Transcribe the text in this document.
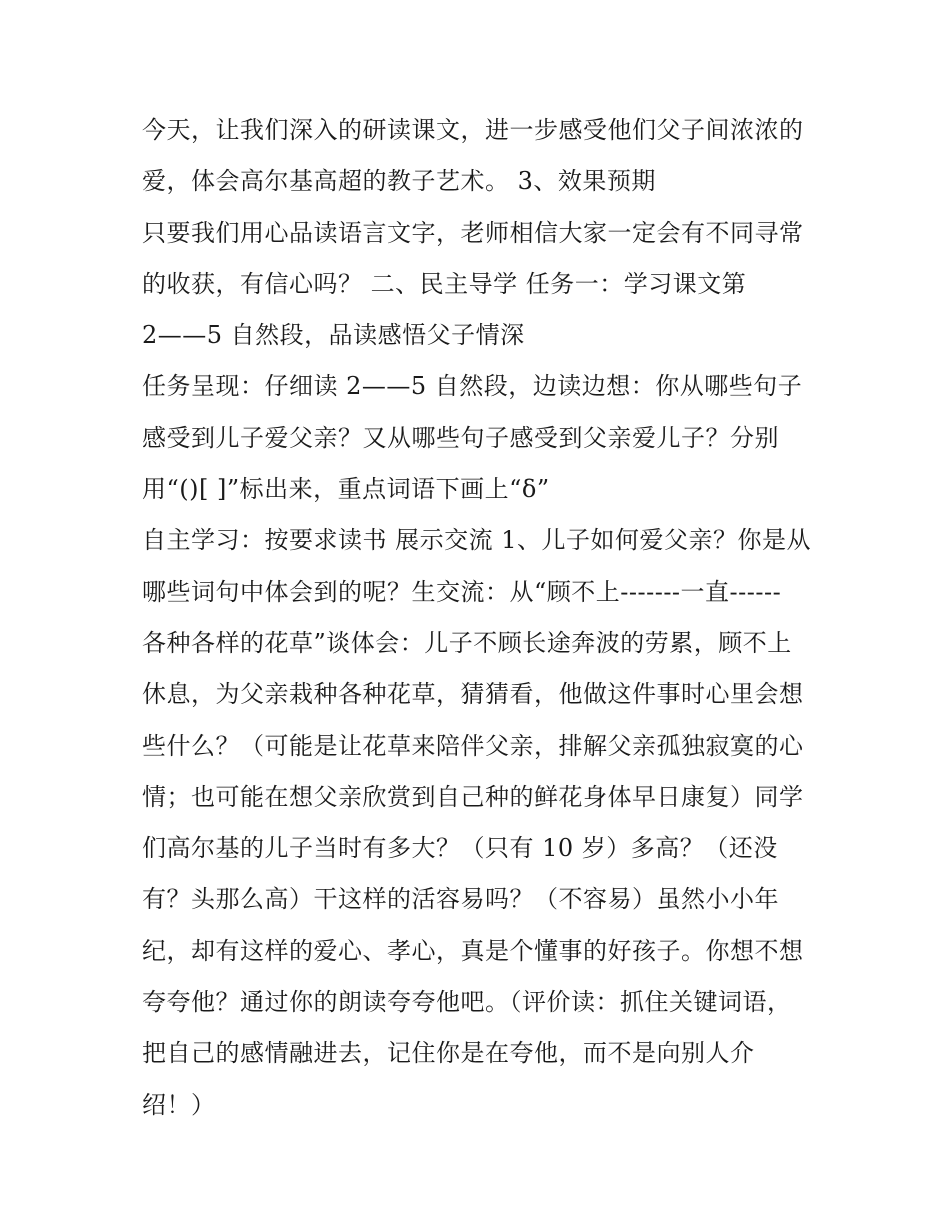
今天，让我们深入的研读课文，进一步感受他们父子间浓浓的
爱，体会高尔基高超的教子艺术。 3、效果预期
只要我们用心品读语言文字，老师相信大家一定会有不同寻常
的收获，有信心吗？ 二、民主导学 任务一：学习课文第
2——5 自然段，品读感悟父子情深
任务呈现：仔细读 2——5 自然段，边读边想：你从哪些句子
感受到儿子爱父亲？又从哪些句子感受到父亲爱儿子？分别
用“()[ ]”标出来，重点词语下画上“δ”
自主学习：按要求读书 展示交流 1、儿子如何爱父亲？你是从
哪些词句中体会到的呢？生交流：从“顾不上-------一直------
各种各样的花草”谈体会：儿子不顾长途奔波的劳累，顾不上
休息，为父亲栽种各种花草，猜猜看，他做这件事时心里会想
些什么？（可能是让花草来陪伴父亲，排解父亲孤独寂寞的心
情；也可能在想父亲欣赏到自己种的鲜花身体早日康复）同学
们高尔基的儿子当时有多大？（只有 10 岁）多高？（还没
有？头那么高）干这样的活容易吗？（不容易）虽然小小年
纪，却有这样的爱心、孝心，真是个懂事的好孩子。你想不想
夸夸他？通过你的朗读夸夸他吧。（评价读：抓住关键词语，
把自己的感情融进去，记住你是在夸他，而不是向别人介
绍！）
